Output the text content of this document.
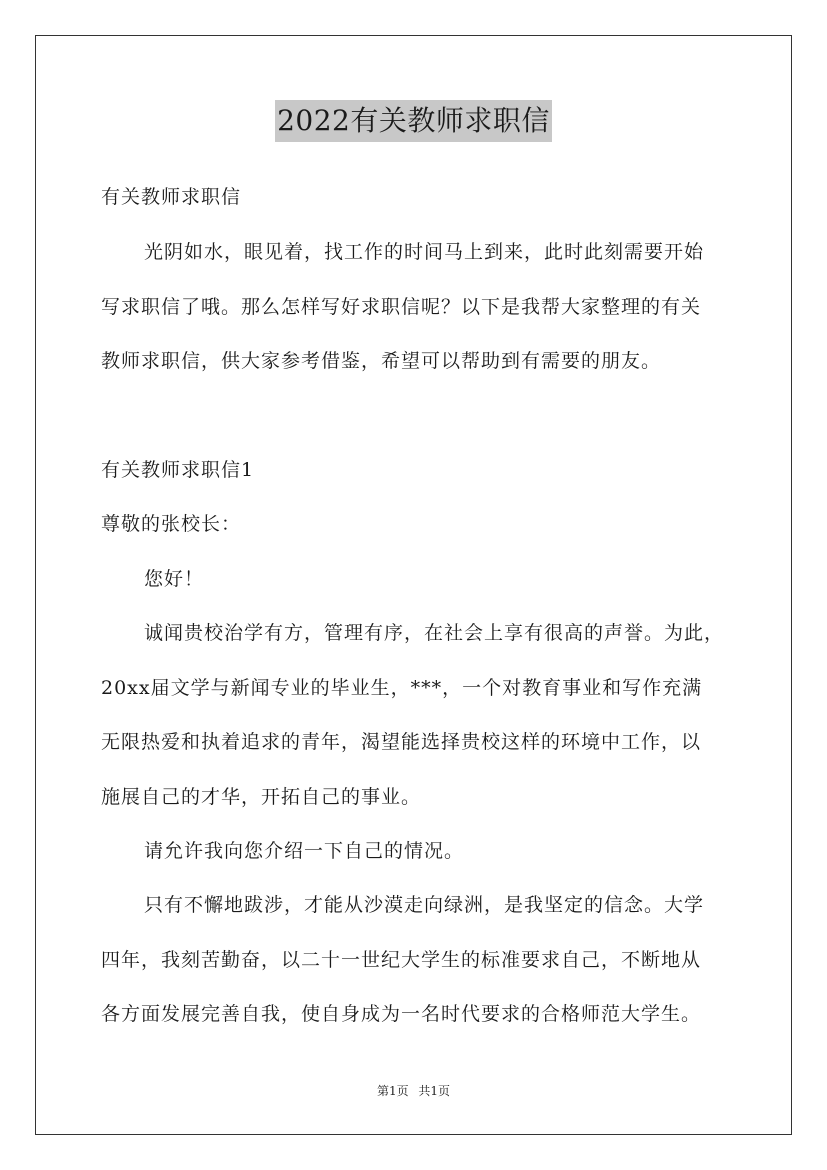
2022有关教师求职信
有关教师求职信
光阴如水，眼见着，找工作的时间马上到来，此时此刻需要开始
写求职信了哦。那么怎样写好求职信呢？以下是我帮大家整理的有关
教师求职信，供大家参考借鉴，希望可以帮助到有需要的朋友。
有关教师求职信1
尊敬的张校长：
您好！
诚闻贵校治学有方，管理有序，在社会上享有很高的声誉。为此，
20xx届文学与新闻专业的毕业生，***，一个对教育事业和写作充满
无限热爱和执着追求的青年，渴望能选择贵校这样的环境中工作，以
施展自己的才华，开拓自己的事业。
请允许我向您介绍一下自己的情况。
只有不懈地跋涉，才能从沙漠走向绿洲，是我坚定的信念。大学
四年，我刻苦勤奋，以二十一世纪大学生的标准要求自己，不断地从
各方面发展完善自我，使自身成为一名时代要求的合格师范大学生。
第1页 共1页
